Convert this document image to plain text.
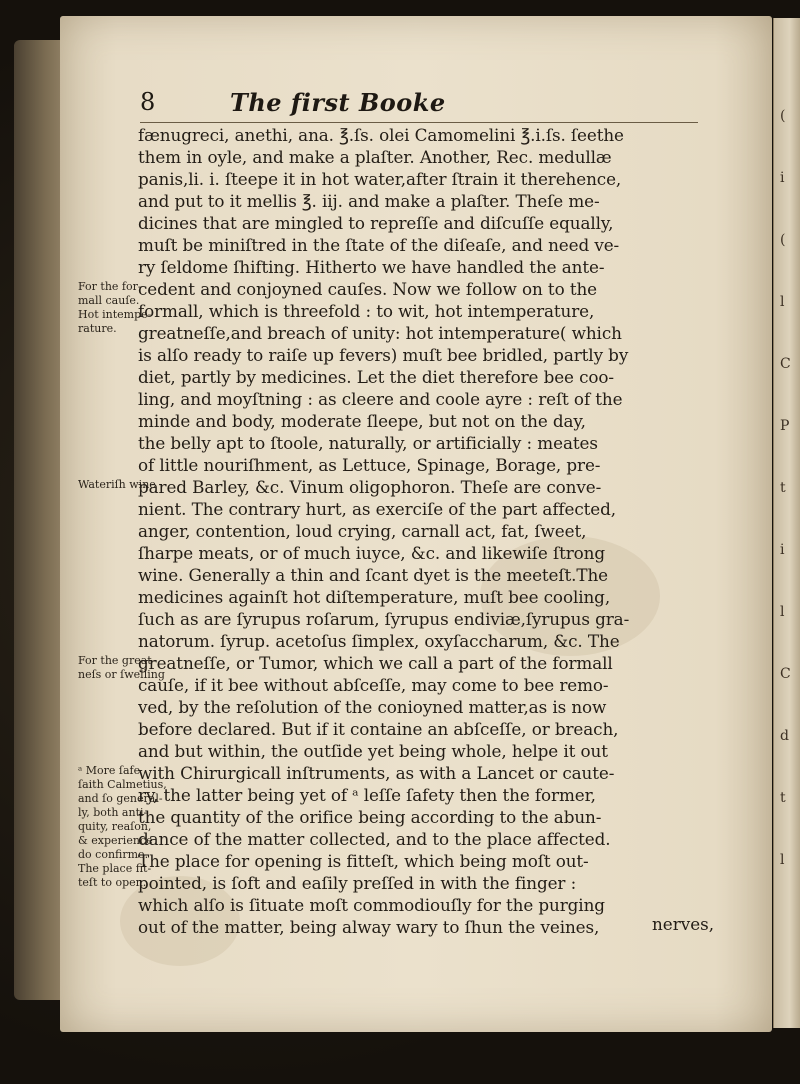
(
i
(
l
C
P
t
i
l
C
d
t
l
8	The first Booke
For the for-
mall cauſe.
Hot intempe-
rature.
Wateriſh wine
For the great-
neſs or ſwelling
ᵃ More ſafe
ſaith Calmetius,
and ſo general-
ly, both anti-
quity, reaſon,
& experience
do confirme.
The place fit-
teſt to open.
fænugreci, anethi, ana. ℥.ſs. olei Camomelini ℥.i.ſs. ſeethe
them in oyle, and make a plaſter. Another, Rec. medullæ
panis,li. i. ſteepe it in hot water,after ſtrain it therehence,
and put to it mellis ℥. iij. and make a plaſter. Theſe me-
dicines that are mingled to repreſſe and diſcuſſe equally,
muſt be miniſtred in the ſtate of the diſeaſe, and need ve-
ry ſeldome ſhifting. Hitherto we have handled the ante-
cedent and conjoyned cauſes. Now we follow on to the
formall, which is threefold : to wit, hot intemperature,
greatneſſe,and breach of unity: hot intemperature( which
is alſo ready to raiſe up fevers) muſt bee bridled, partly by
diet, partly by medicines. Let the diet therefore bee coo-
ling, and moyſtning : as cleere and coole ayre : reſt of the
minde and body, moderate ſleepe, but not on the day,
the belly apt to ſtoole, naturally, or artificially : meates
of little nouriſhment, as Lettuce, Spinage, Borage, pre-
pared Barley, &c. Vinum oligophoron. Theſe are conve-
nient. The contrary hurt, as exerciſe of the part affected,
anger, contention, loud crying, carnall act, fat, ſweet,
ſharpe meats, or of much iuyce, &c. and likewiſe ſtrong
wine. Generally a thin and ſcant dyet is the meeteſt.The
medicines againſt hot diſtemperature, muſt bee cooling,
ſuch as are ſyrupus roſarum, ſyrupus endiviæ,ſyrupus gra-
natorum. ſyrup. acetoſus ſimplex, oxyſaccharum, &c. The
greatneſſe, or Tumor, which we call a part of the formall
cauſe, if it bee without abſceſſe, may come to bee remo-
ved, by the reſolution of the conioyned matter,as is now
before declared. But if it containe an abſceſſe, or breach,
and but within, the outſide yet being whole, helpe it out
with Chirurgicall inſtruments, as with a Lancet or caute-
ry, the latter being yet of ᵃ leſſe ſafety then the former,
the quantity of the orifice being according to the abun-
dance of the matter collected, and to the place affected.
The place for opening is fitteſt, which being moſt out-
pointed, is ſoft and eaſily preſſed in with the finger :
which alſo is ſituate moſt commodiouſly for the purging
out of the matter, being alway wary to ſhun the veines,	nerves,
